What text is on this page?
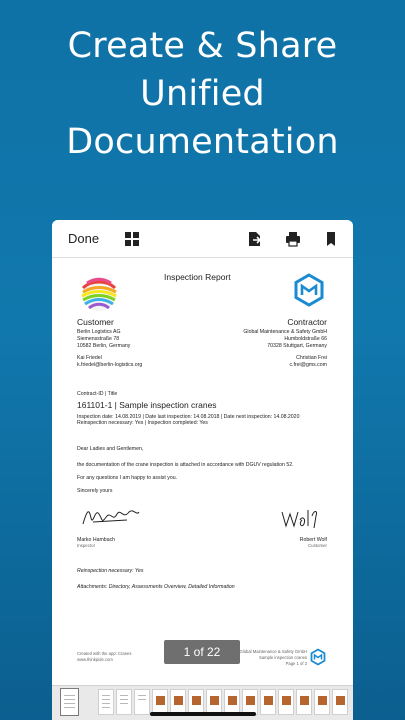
Create & Share
Unified
Documentation
Done
Inspection Report
Customer
Berlin Logistics AG
Siemensstraße 78
10582 Berlin, Germany
Kai Friedel
k.friedel@berlin-logistics.org
Contractor
Global Maintenance & Safety GmbH
Humboldstraße 66
70328 Stuttgart, Germany
Christian Frei
c.frei@gms.com
Contract-ID | Title
161101-1 | Sample inspection cranes
Inspection date: 14.08.2019 | Date last inspection: 14.08.2018 | Date next inspection: 14.08.2020
Reinspection necessary: Yes | Inspection completed: Yes
Dear Ladies and Gentlemen,
the documentation of the crane inspection is attached in accordance with DGUV regulation 52.
For any questions I am happy to assist you.
Sincerely yours
Marko Hambach
Inspector
Robert Wolf
Customer
Reinspection necessary: Yes
Attachments: Directory, Assessments Overview, Detailed Information
Created with the app: Cranes
www.thinkpide.com
Global Maintenance & Safety GmbH
Sample inspection cranes
Page 1 of 3
1 of 22
